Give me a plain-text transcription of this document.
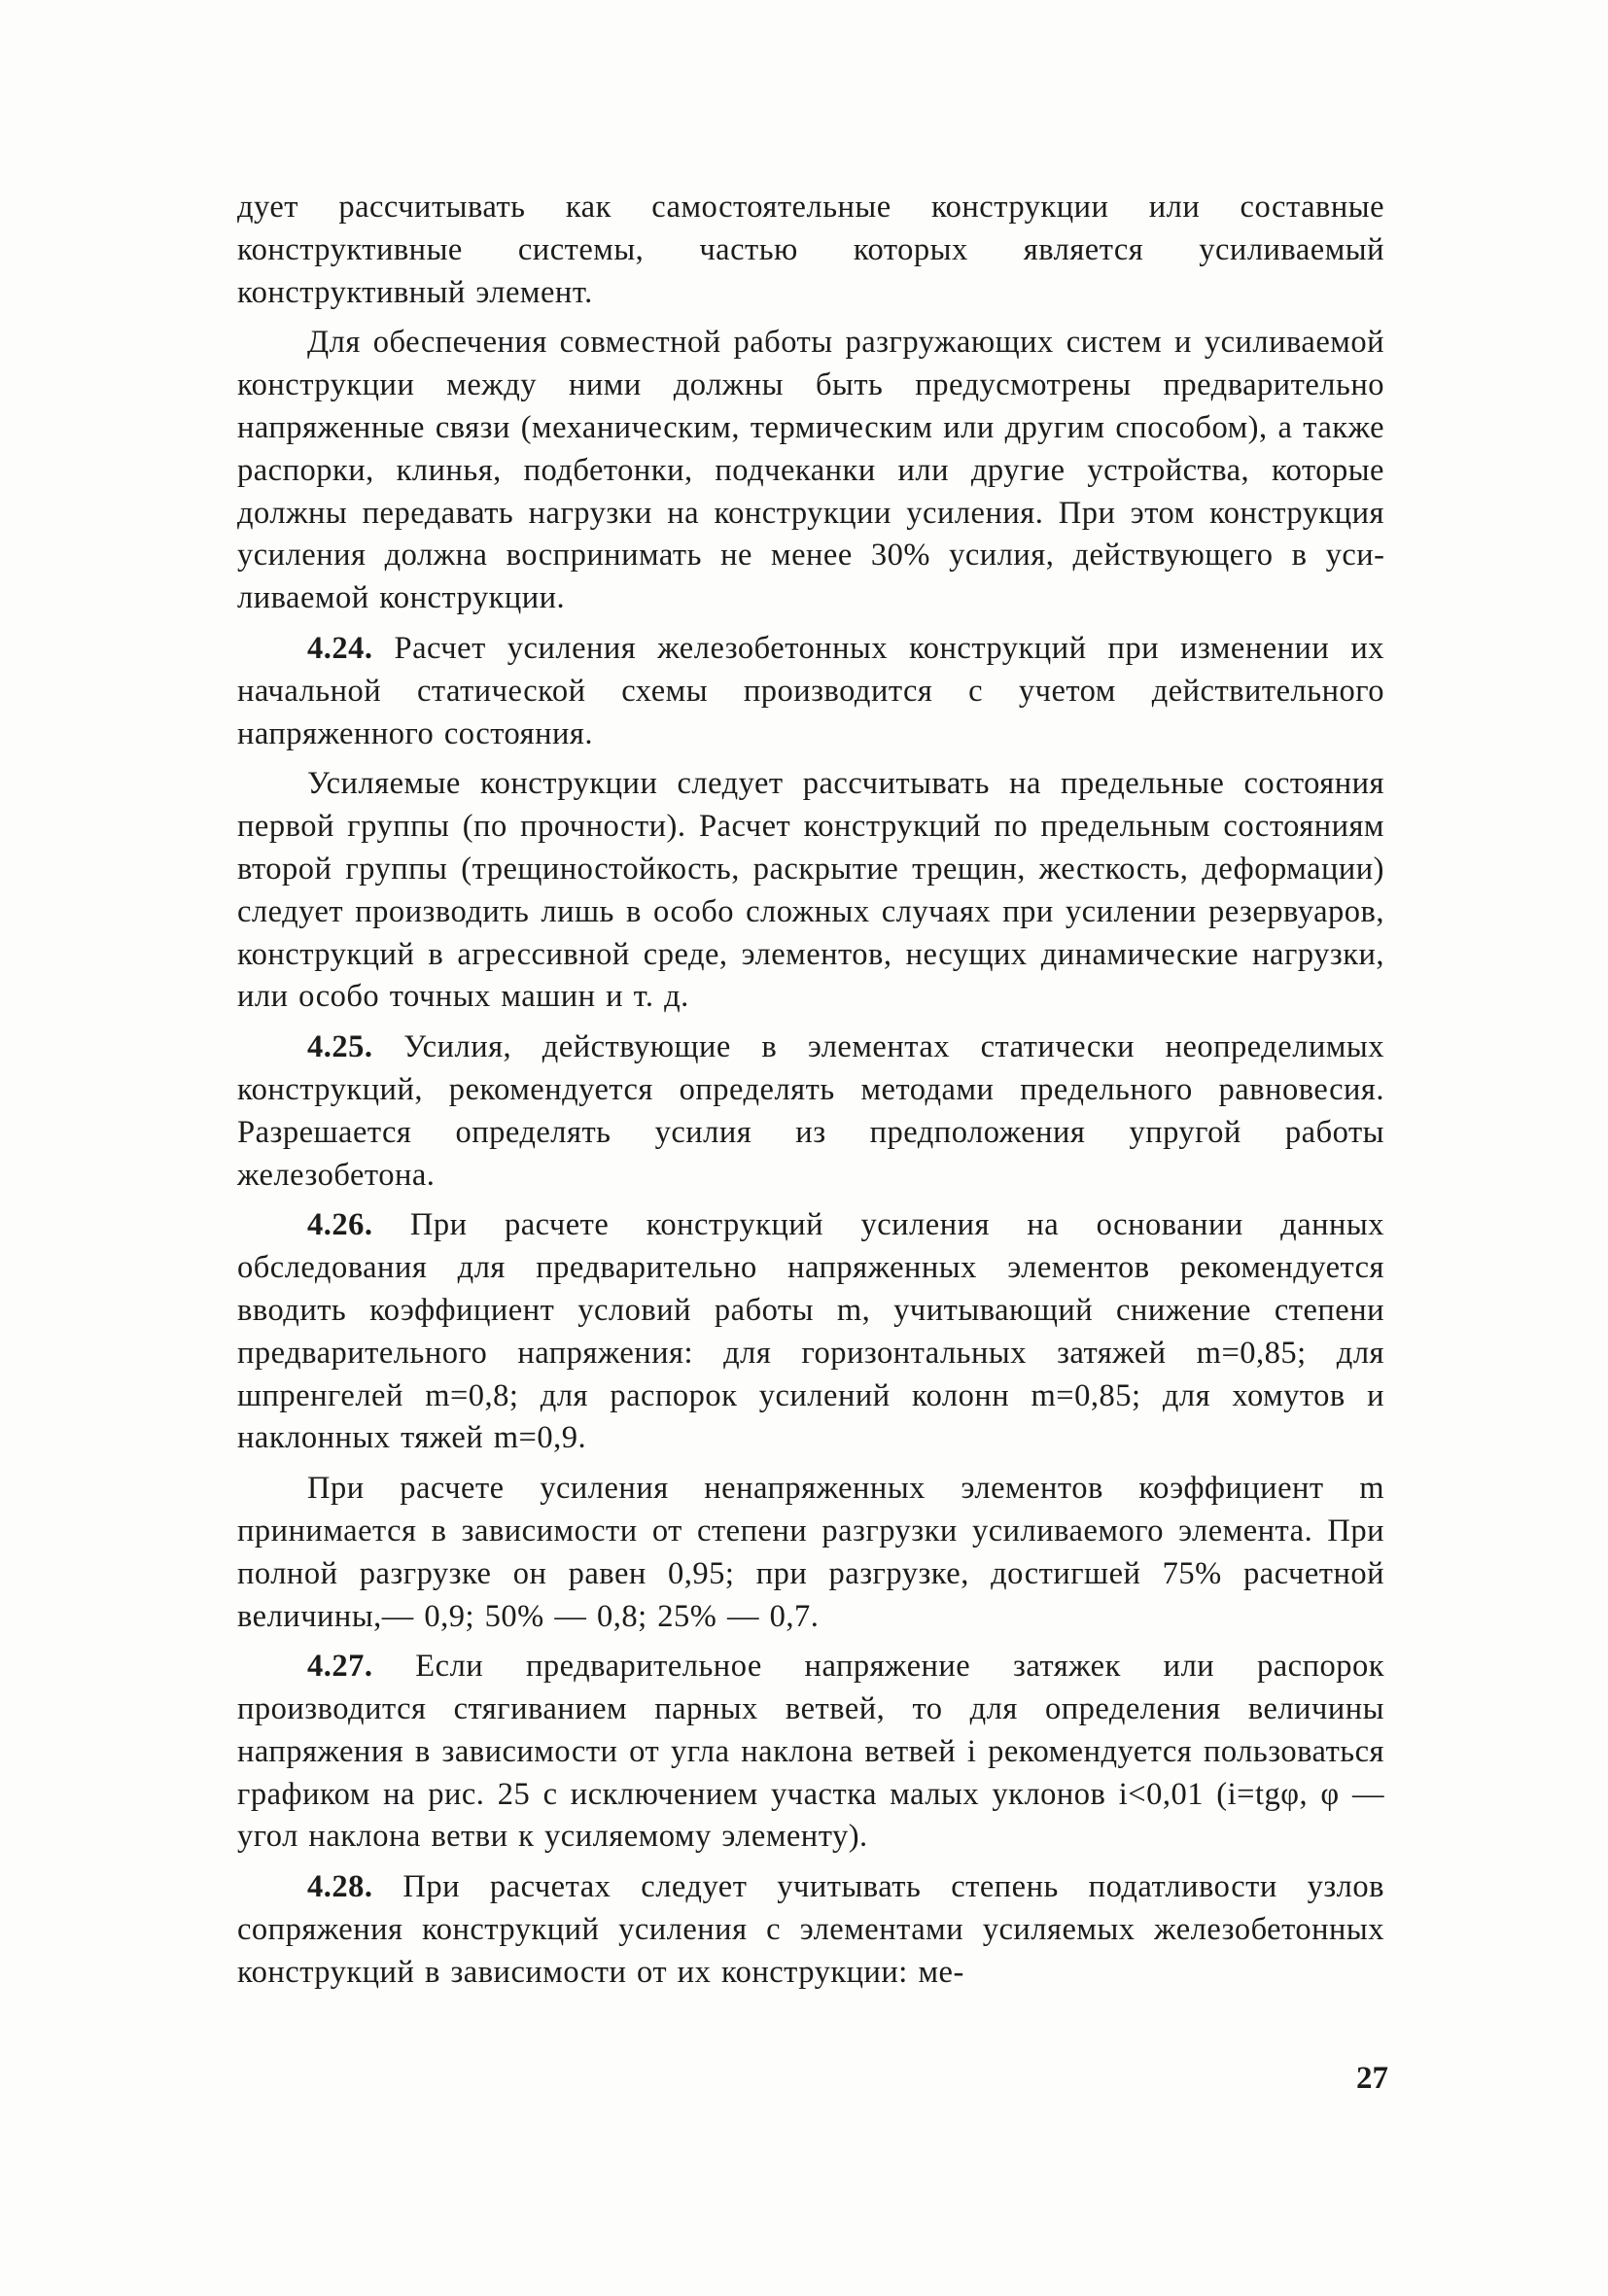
дует рассчитывать как самостоятельные конструкции или составные конструктивные системы, частью которых является усиливаемый конструктивный элемент.

Для обеспечения совместной работы разгружающих систем и усиливаемой конструкции между ними должны быть предусмотрены предварительно напряженные связи (механическим, термическим или другим способом), а также распорки, клинья, подбетонки, подчеканки или другие устройства, которые должны передавать нагрузки на конструкции усиления. При этом конструкция усиления должна воспринимать не менее 30% усилия, действующего в усиливаемой конструкции.

4.24. Расчет усиления железобетонных конструкций при изменении их начальной статической схемы производится с учетом действительного напряженного состояния.

Усиляемые конструкции следует рассчитывать на предельные состояния первой группы (по прочности). Расчет конструкций по предельным состояниям второй группы (трещиностойкость, раскрытие трещин, жесткость, деформации) следует производить лишь в особо сложных случаях при усилении резервуаров, конструкций в агрессивной среде, элементов, несущих динамические нагрузки, или особо точных машин и т. д.

4.25. Усилия, действующие в элементах статически неопределимых конструкций, рекомендуется определять методами предельного равновесия. Разрешается определять усилия из предположения упругой работы железобетона.

4.26. При расчете конструкций усиления на основании данных обследования для предварительно напряженных элементов рекомендуется вводить коэффициент условий работы m, учитывающий снижение степени предварительного напряжения: для горизонтальных затяжей m=0,85; для шпренгелей m=0,8; для распорок усилений колонн m=0,85; для хомутов и наклонных тяжей m=0,9.

При расчете усиления ненапряженных элементов коэффициент m принимается в зависимости от степени разгрузки усиливаемого элемента. При полной разгрузке он равен 0,95; при разгрузке, достигшей 75% расчетной величины,— 0,9; 50% — 0,8; 25% — 0,7.

4.27. Если предварительное напряжение затяжек или распорок производится стягиванием парных ветвей, то для определения величины напряжения в зависимости от угла наклона ветвей i рекомендуется пользоваться графиком на рис. 25 с исключением участка малых уклонов i<0,01 (i=tgφ, φ — угол наклона ветви к усиляемому элементу).

4.28. При расчетах следует учитывать степень податливости узлов сопряжения конструкций усиления с элементами усиляемых железобетонных конструкций в зависимости от их конструкции: ме-

27
